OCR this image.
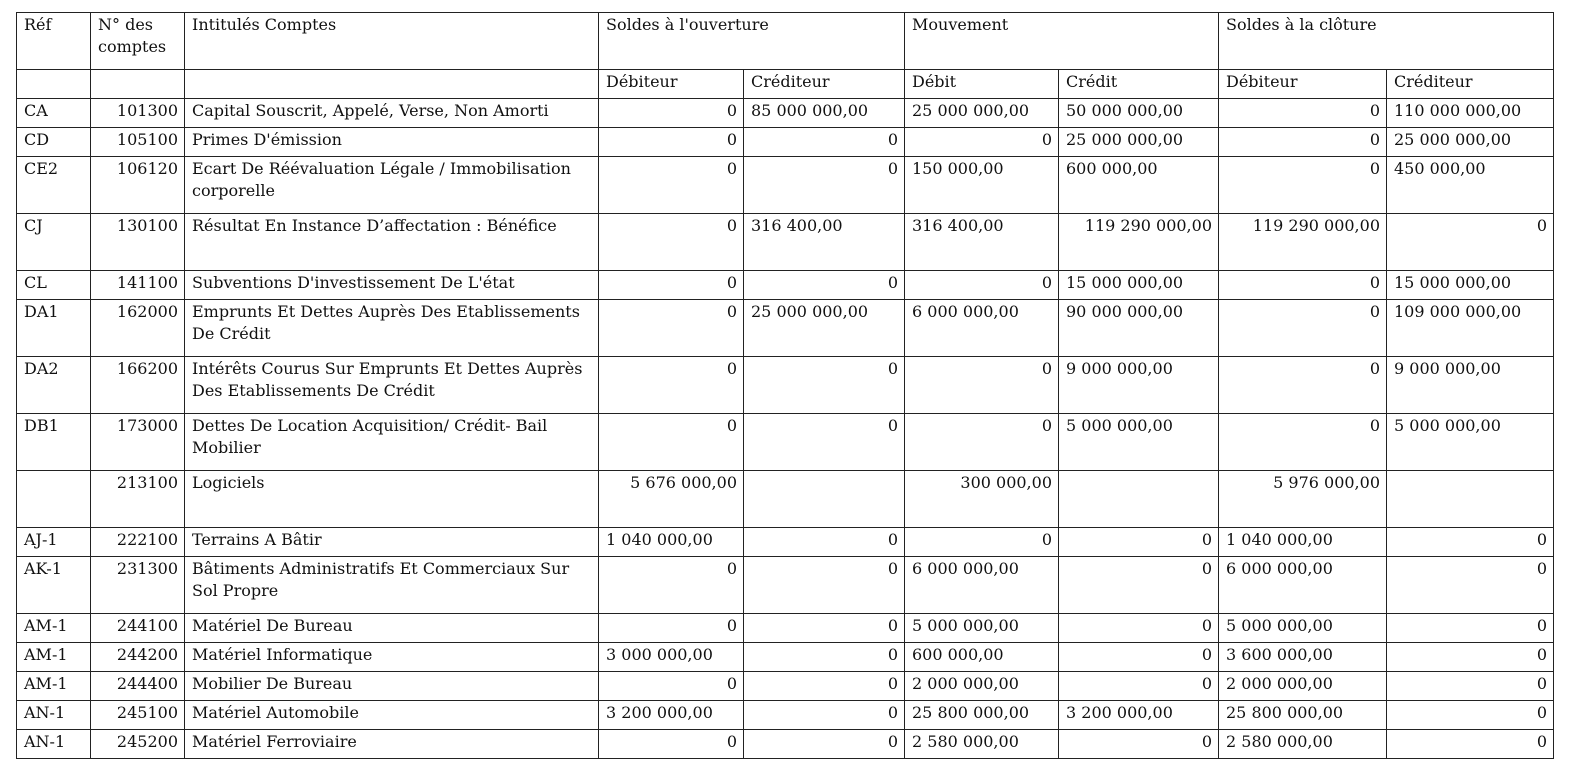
Réf	N° des comptes	Intitulés Comptes	Soldes à l'ouverture		Mouvement		Soldes à la clôture	
			Débiteur	Créditeur	Débit	Crédit	Débiteur	Créditeur
CA	101300	Capital Souscrit, Appelé, Verse, Non Amorti	0	85 000 000,00	25 000 000,00	50 000 000,00	0	110 000 000,00
CD	105100	Primes D'émission	0	0	0	25 000 000,00	0	25 000 000,00
CE2	106120	Ecart De Réévaluation Légale / Immobilisation corporelle	0	0	150 000,00	600 000,00	0	450 000,00
CJ	130100	Résultat En Instance D’affectation : Bénéfice	0	316 400,00	316 400,00	119 290 000,00	119 290 000,00	0
CL	141100	Subventions D'investissement De L'état	0	0	0	15 000 000,00	0	15 000 000,00
DA1	162000	Emprunts Et Dettes Auprès Des Etablissements De Crédit	0	25 000 000,00	6 000 000,00	90 000 000,00	0	109 000 000,00
DA2	166200	Intérêts Courus Sur Emprunts Et Dettes Auprès Des Etablissements De Crédit	0	0	0	9 000 000,00	0	9 000 000,00
DB1	173000	Dettes De Location Acquisition/ Crédit- Bail Mobilier	0	0	0	5 000 000,00	0	5 000 000,00
	213100	Logiciels	5 676 000,00		300 000,00		5 976 000,00	
AJ-1	222100	Terrains A Bâtir	1 040 000,00	0	0	0	1 040 000,00	0
AK-1	231300	Bâtiments Administratifs Et Commerciaux Sur Sol Propre	0	0	6 000 000,00	0	6 000 000,00	0
AM-1	244100	Matériel De Bureau	0	0	5 000 000,00	0	5 000 000,00	0
AM-1	244200	Matériel Informatique	3 000 000,00	0	600 000,00	0	3 600 000,00	0
AM-1	244400	Mobilier De Bureau	0	0	2 000 000,00	0	2 000 000,00	0
AN-1	245100	Matériel Automobile	3 200 000,00	0	25 800 000,00	3 200 000,00	25 800 000,00	0
AN-1	245200	Matériel Ferroviaire	0	0	2 580 000,00	0	2 580 000,00	0
